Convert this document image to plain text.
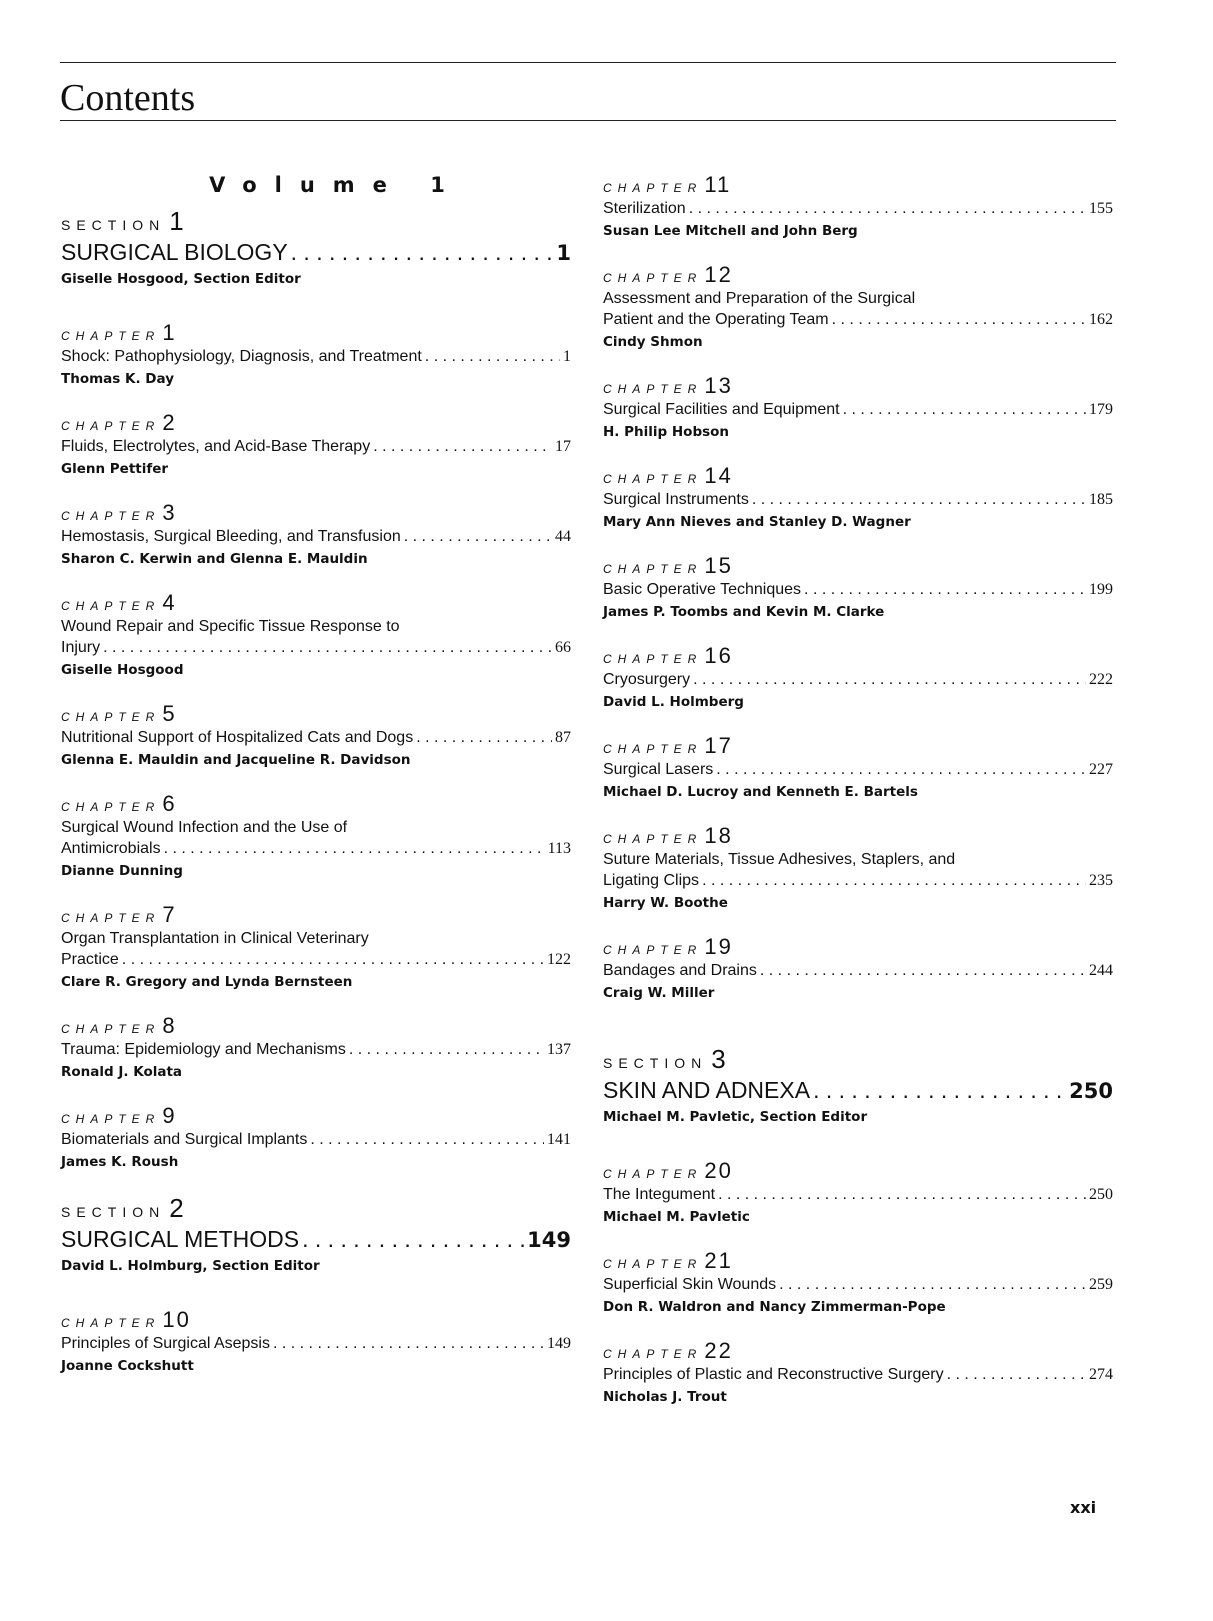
Contents
Volume 1
SECTION 1
SURGICAL BIOLOGY . . .	1
Giselle Hosgood, Section Editor
CHAPTER 1
Shock: Pathophysiology, Diagnosis, and Treatment . . .	1
Thomas K. Day
CHAPTER 2
Fluids, Electrolytes, and Acid-Base Therapy . . .	17
Glenn Pettifer
CHAPTER 3
Hemostasis, Surgical Bleeding, and Transfusion . . .	44
Sharon C. Kerwin and Glenna E. Mauldin
CHAPTER 4
Wound Repair and Specific Tissue Response to
Injury . . .	66
Giselle Hosgood
CHAPTER 5
Nutritional Support of Hospitalized Cats and Dogs . . .	87
Glenna E. Mauldin and Jacqueline R. Davidson
CHAPTER 6
Surgical Wound Infection and the Use of
Antimicrobials . . .	113
Dianne Dunning
CHAPTER 7
Organ Transplantation in Clinical Veterinary
Practice . . .	122
Clare R. Gregory and Lynda Bernsteen
CHAPTER 8
Trauma: Epidemiology and Mechanisms . . .	137
Ronald J. Kolata
CHAPTER 9
Biomaterials and Surgical Implants . . .	141
James K. Roush
SECTION 2
SURGICAL METHODS . . .	149
David L. Holmburg, Section Editor
CHAPTER 10
Principles of Surgical Asepsis . . .	149
Joanne Cockshutt
CHAPTER 11
Sterilization . . .	155
Susan Lee Mitchell and John Berg
CHAPTER 12
Assessment and Preparation of the Surgical
Patient and the Operating Team . . .	162
Cindy Shmon
CHAPTER 13
Surgical Facilities and Equipment . . .	179
H. Philip Hobson
CHAPTER 14
Surgical Instruments . . .	185
Mary Ann Nieves and Stanley D. Wagner
CHAPTER 15
Basic Operative Techniques . . .	199
James P. Toombs and Kevin M. Clarke
CHAPTER 16
Cryosurgery . . .	222
David L. Holmberg
CHAPTER 17
Surgical Lasers . . .	227
Michael D. Lucroy and Kenneth E. Bartels
CHAPTER 18
Suture Materials, Tissue Adhesives, Staplers, and
Ligating Clips . . .	235
Harry W. Boothe
CHAPTER 19
Bandages and Drains . . .	244
Craig W. Miller
SECTION 3
SKIN AND ADNEXA . . .	250
Michael M. Pavletic, Section Editor
CHAPTER 20
The Integument . . .	250
Michael M. Pavletic
CHAPTER 21
Superficial Skin Wounds . . .	259
Don R. Waldron and Nancy Zimmerman-Pope
CHAPTER 22
Principles of Plastic and Reconstructive Surgery . . .	274
Nicholas J. Trout
xxi
